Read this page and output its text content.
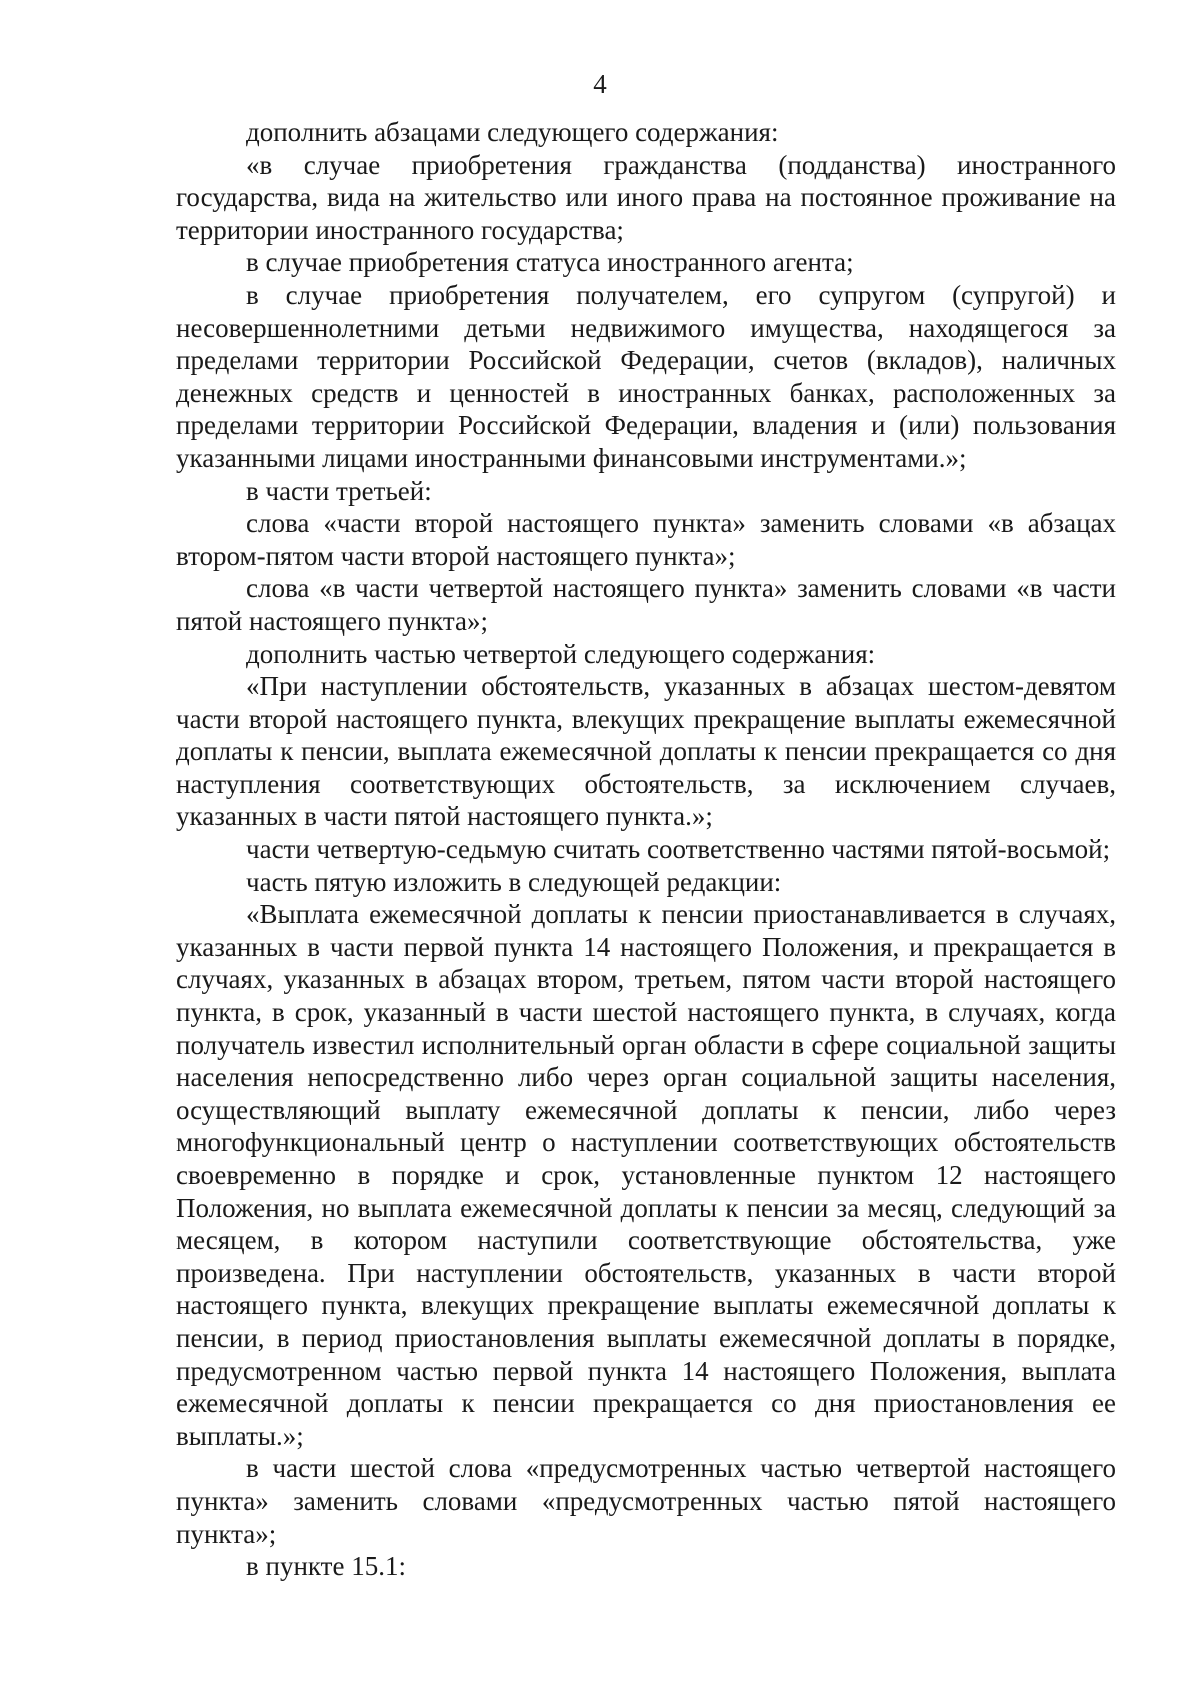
4

дополнить абзацами следующего содержания:

«в случае приобретения гражданства (подданства) иностранного государства, вида на жительство или иного права на постоянное проживание на территории иностранного государства;

в случае приобретения статуса иностранного агента;

в случае приобретения получателем, его супругом (супругой) и несовершеннолетними детьми недвижимого имущества, находящегося за пределами территории Российской Федерации, счетов (вкладов), наличных денежных средств и ценностей в иностранных банках, расположенных за пределами территории Российской Федерации, владения и (или) пользования указанными лицами иностранными финансовыми инструментами.»;

в части третьей:

слова «части второй настоящего пункта» заменить словами «в абзацах втором-пятом части второй настоящего пункта»;

слова «в части четвертой настоящего пункта» заменить словами «в части пятой настоящего пункта»;

дополнить частью четвертой следующего содержания:

«При наступлении обстоятельств, указанных в абзацах шестом-девятом части второй настоящего пункта, влекущих прекращение выплаты ежемесячной доплаты к пенсии, выплата ежемесячной доплаты к пенсии прекращается со дня наступления соответствующих обстоятельств, за исключением случаев, указанных в части пятой настоящего пункта.»;

части четвертую-седьмую считать соответственно частями пятой-восьмой;

часть пятую изложить в следующей редакции:

«Выплата ежемесячной доплаты к пенсии приостанавливается в случаях, указанных в части первой пункта 14 настоящего Положения, и прекращается в случаях, указанных в абзацах втором, третьем, пятом части второй настоящего пункта, в срок, указанный в части шестой настоящего пункта, в случаях, когда получатель известил исполнительный орган области в сфере социальной защиты населения непосредственно либо через орган социальной защиты населения, осуществляющий выплату ежемесячной доплаты к пенсии, либо через многофункциональный центр о наступлении соответствующих обстоятельств своевременно в порядке и срок, установленные пунктом 12 настоящего Положения, но выплата ежемесячной доплаты к пенсии за месяц, следующий за месяцем, в котором наступили соответствующие обстоятельства, уже произведена. При наступлении обстоятельств, указанных в части второй настоящего пункта, влекущих прекращение выплаты ежемесячной доплаты к пенсии, в период приостановления выплаты ежемесячной доплаты в порядке, предусмотренном частью первой пункта 14 настоящего Положения, выплата ежемесячной доплаты к пенсии прекращается со дня приостановления ее выплаты.»;

в части шестой слова «предусмотренных частью четвертой настоящего пункта» заменить словами «предусмотренных частью пятой настоящего пункта»;

в пункте 15.1:
